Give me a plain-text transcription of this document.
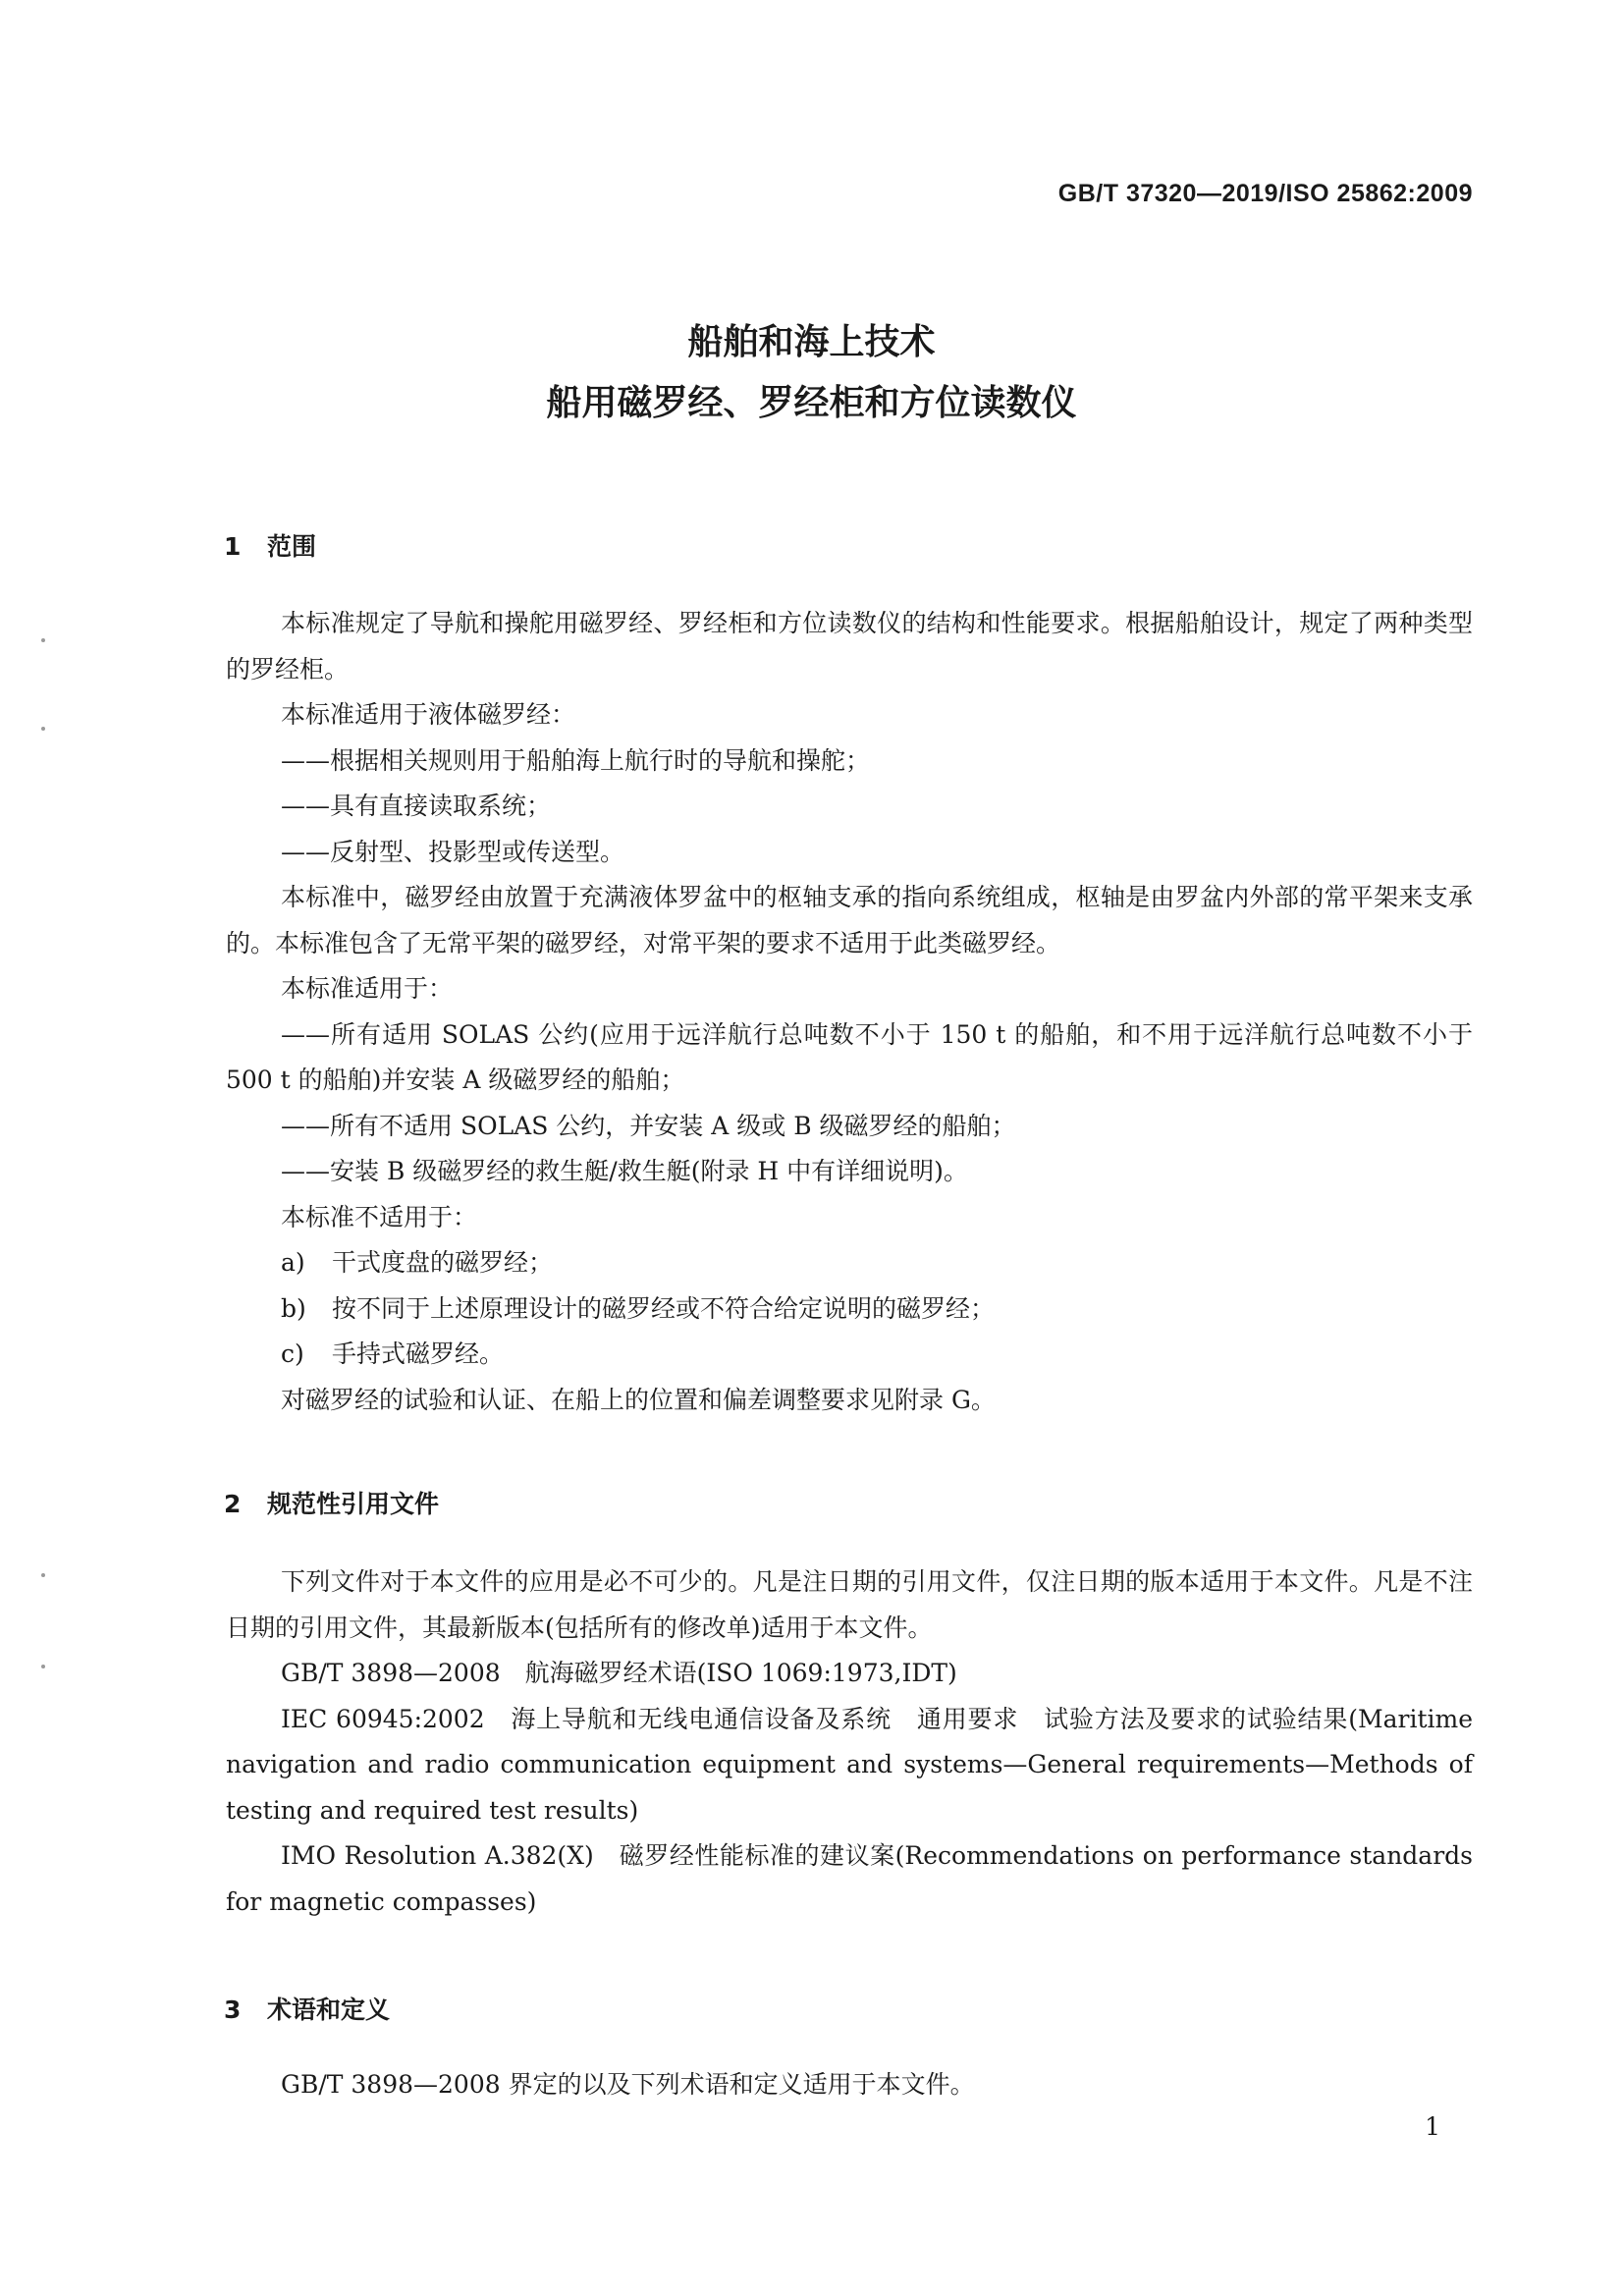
GB/T 37320—2019/ISO 25862:2009
船舶和海上技术
船用磁罗经、罗经柜和方位读数仪
1 范围

本标准规定了导航和操舵用磁罗经、罗经柜和方位读数仪的结构和性能要求。根据船舶设计，规定了两种类型的罗经柜。

本标准适用于液体磁罗经：

——根据相关规则用于船舶海上航行时的导航和操舵；

——具有直接读取系统；

——反射型、投影型或传送型。

本标准中，磁罗经由放置于充满液体罗盆中的枢轴支承的指向系统组成，枢轴是由罗盆内外部的常平架来支承的。本标准包含了无常平架的磁罗经，对常平架的要求不适用于此类磁罗经。

本标准适用于：

——所有适用 SOLAS 公约(应用于远洋航行总吨数不小于 150 t 的船舶，和不用于远洋航行总吨数不小于 500 t 的船舶)并安装 A 级磁罗经的船舶；

——所有不适用 SOLAS 公约，并安装 A 级或 B 级磁罗经的船舶；

——安装 B 级磁罗经的救生艇/救生艇(附录 H 中有详细说明)。

本标准不适用于：

a) 干式度盘的磁罗经；

b) 按不同于上述原理设计的磁罗经或不符合给定说明的磁罗经；

c) 手持式磁罗经。

对磁罗经的试验和认证、在船上的位置和偏差调整要求见附录 G。

2 规范性引用文件

下列文件对于本文件的应用是必不可少的。凡是注日期的引用文件，仅注日期的版本适用于本文件。凡是不注日期的引用文件，其最新版本(包括所有的修改单)适用于本文件。

GB/T 3898—2008　航海磁罗经术语(ISO 1069:1973,IDT)

IEC 60945:2002　海上导航和无线电通信设备及系统　通用要求　试验方法及要求的试验结果(Maritime navigation and radio communication equipment and systems—General requirements—Methods of testing and required test results)

IMO Resolution A.382(X)　磁罗经性能标准的建议案(Recommendations on performance standards for magnetic compasses)

3 术语和定义

GB/T 3898—2008 界定的以及下列术语和定义适用于本文件。

1
